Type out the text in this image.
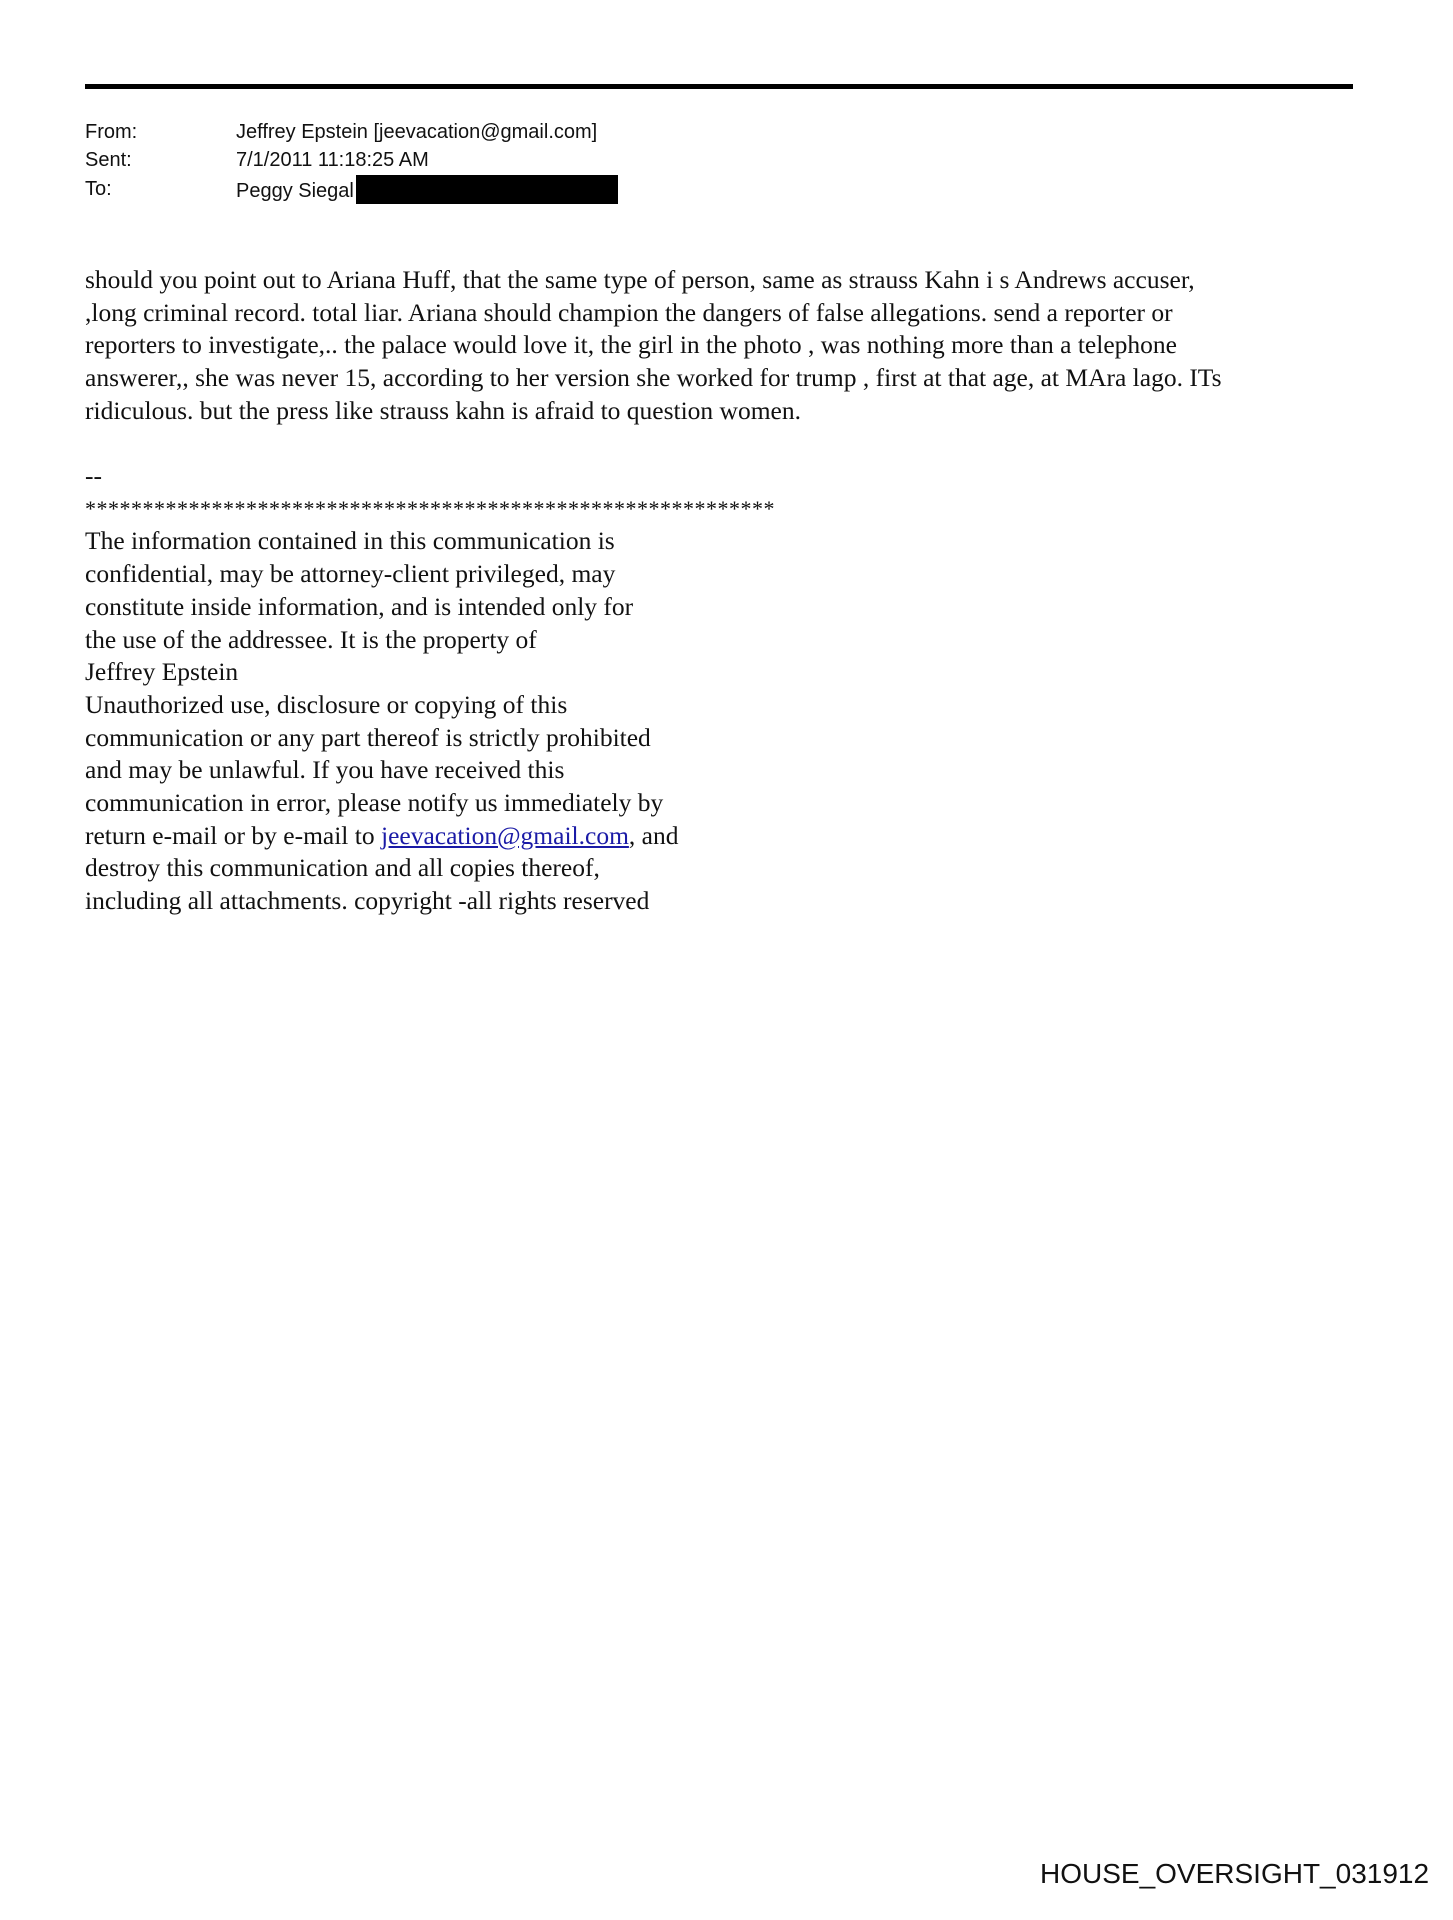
From:	Jeffrey Epstein [jeevacation@gmail.com]
Sent:	7/1/2011 11:18:25 AM
To:	Peggy Siegal
should you point out to Ariana Huff, that the same type of person, same as strauss Kahn i s Andrews accuser,
,long criminal record. total liar. Ariana should champion the dangers of false allegations. send a reporter or
reporters to investigate,.. the palace would love it, the girl in the photo , was nothing more than a telephone
answerer,, she was never 15, according to her version she worked for trump , first at that age, at MAra lago. ITs
ridiculous. but the press like strauss kahn is afraid to question women.
--
************************************************************
The information contained in this communication is
confidential, may be attorney-client privileged, may
constitute inside information, and is intended only for
the use of the addressee. It is the property of
Jeffrey Epstein
Unauthorized use, disclosure or copying of this
communication or any part thereof is strictly prohibited
and may be unlawful. If you have received this
communication in error, please notify us immediately by
return e-mail or by e-mail to jeevacation@gmail.com, and
destroy this communication and all copies thereof,
including all attachments. copyright -all rights reserved
HOUSE_OVERSIGHT_031912
